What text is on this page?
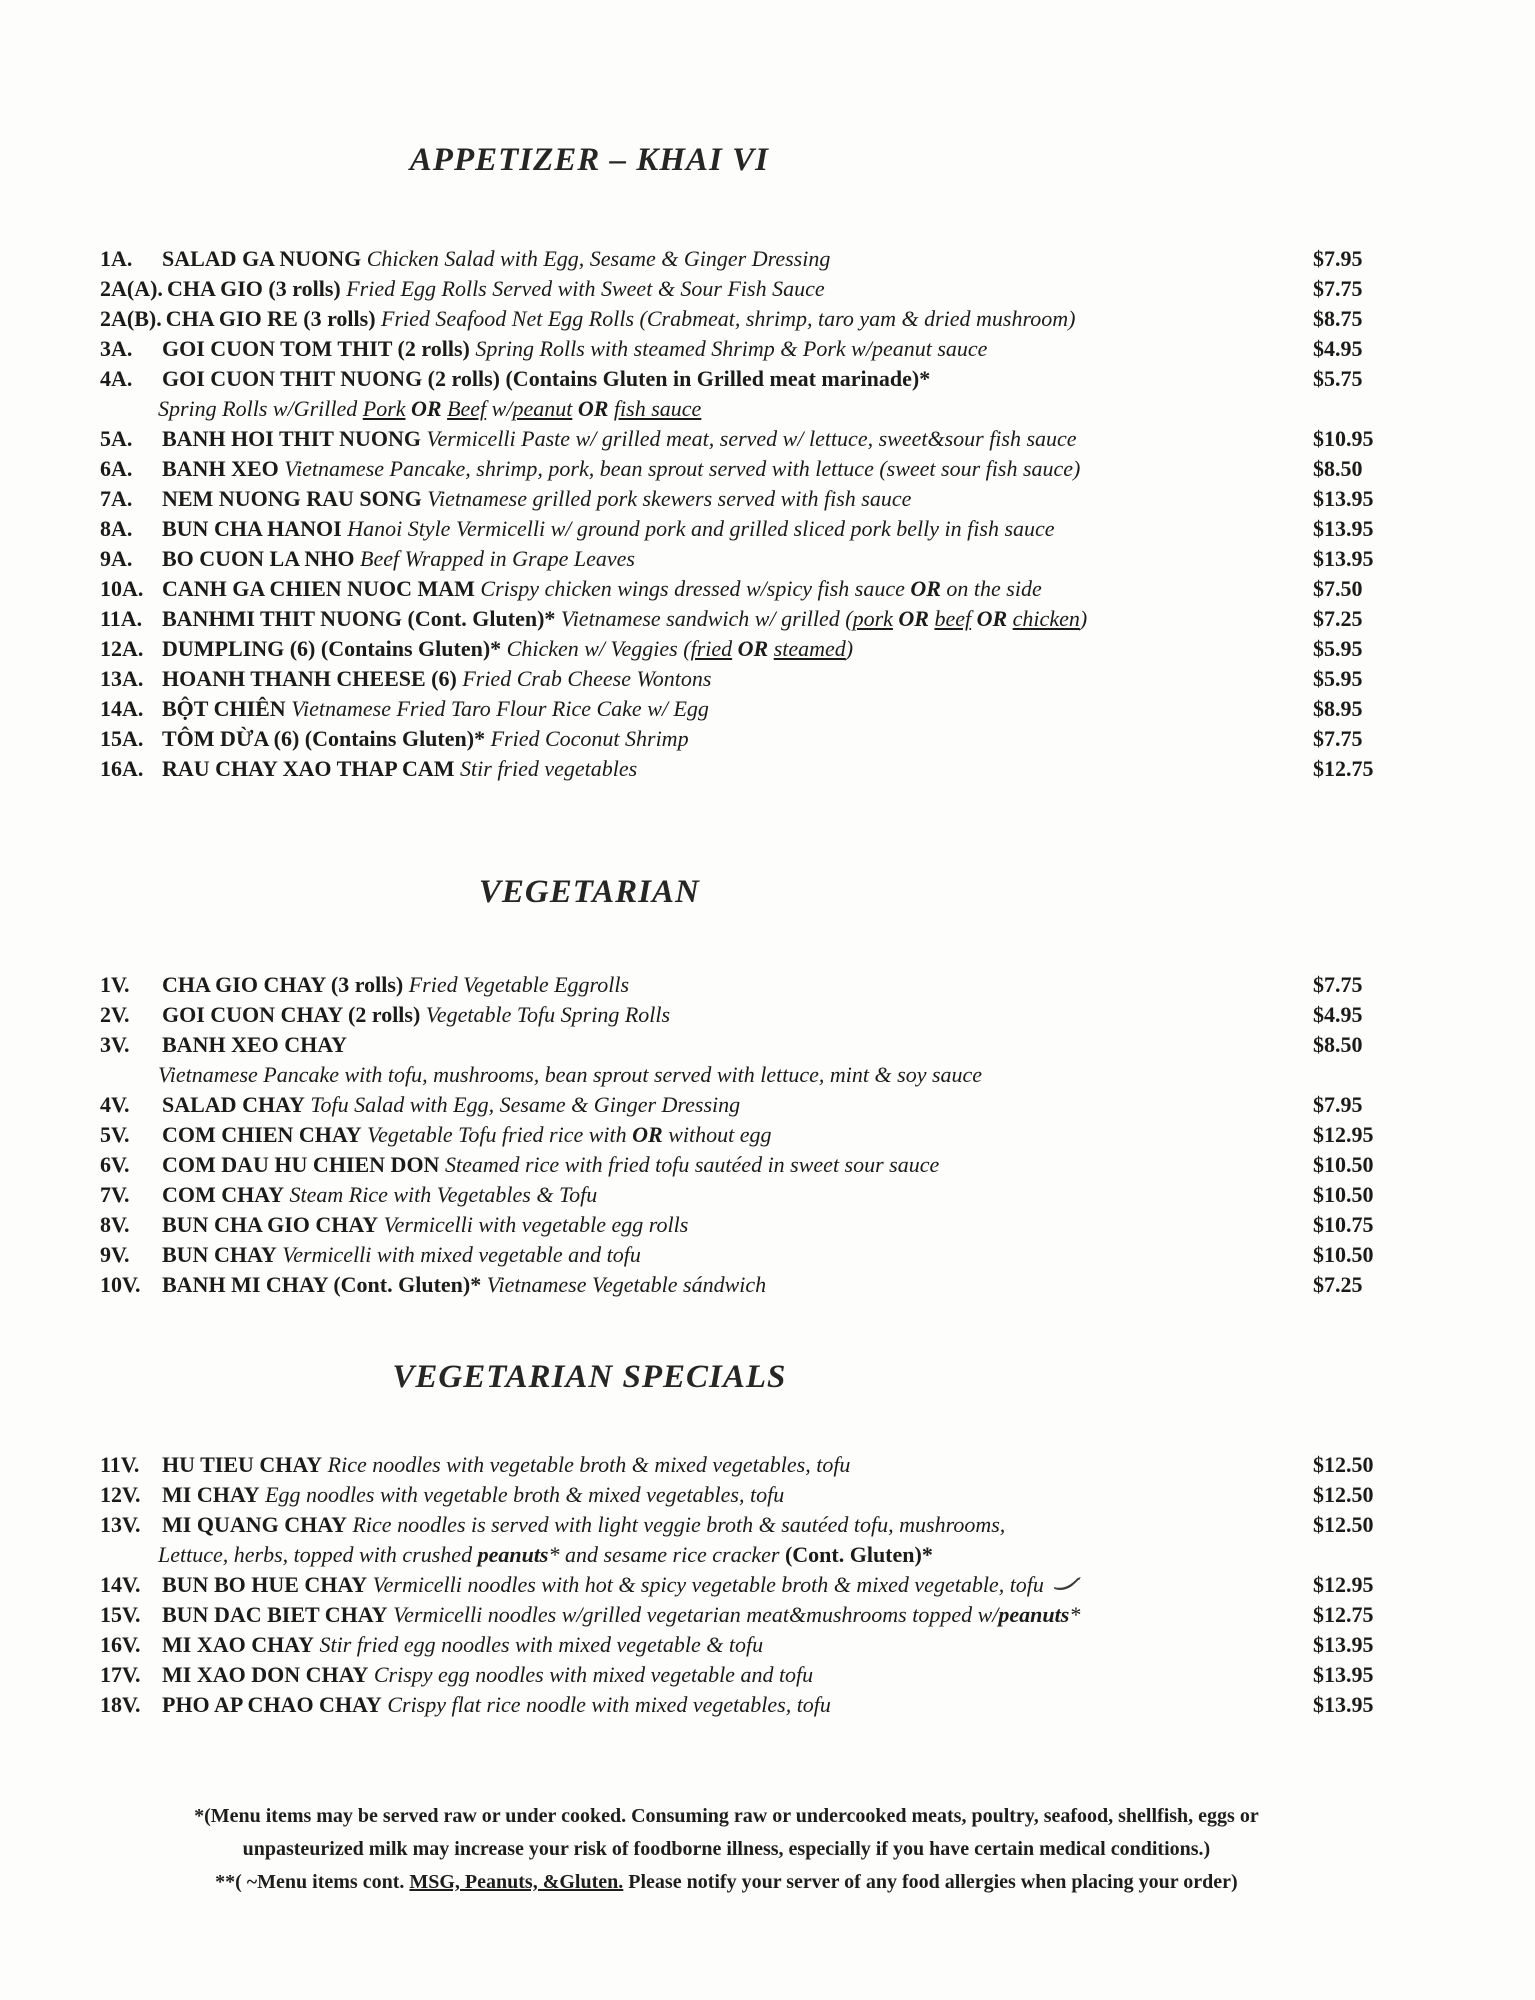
APPETIZER – KHAI VI
1A.	SALAD GA NUONG Chicken Salad with Egg, Sesame & Ginger Dressing	$7.95
2A(A). CHA GIO (3 rolls) Fried Egg Rolls Served with Sweet & Sour Fish Sauce	$7.75
2A(B). CHA GIO RE (3 rolls) Fried Seafood Net Egg Rolls (Crabmeat, shrimp, taro yam & dried mushroom)	$8.75
3A.	GOI CUON TOM THIT (2 rolls) Spring Rolls with steamed Shrimp & Pork w/peanut sauce	$4.95
4A.	GOI CUON THIT NUONG (2 rolls) (Contains Gluten in Grilled meat marinade)*	$5.75
Spring Rolls w/Grilled Pork OR Beef w/peanut OR fish sauce
5A.	BANH HOI THIT NUONG Vermicelli Paste w/ grilled meat, served w/ lettuce, sweet&sour fish sauce	$10.95
6A.	BANH XEO Vietnamese Pancake, shrimp, pork, bean sprout served with lettuce (sweet sour fish sauce)	$8.50
7A.	NEM NUONG RAU SONG Vietnamese grilled pork skewers served with fish sauce	$13.95
8A.	BUN CHA HANOI Hanoi Style Vermicelli w/ ground pork and grilled sliced pork belly in fish sauce	$13.95
9A.	BO CUON LA NHO Beef Wrapped in Grape Leaves	$13.95
10A. CANH GA CHIEN NUOC MAM Crispy chicken wings dressed w/spicy fish sauce OR on the side	$7.50
11A. BANHMI THIT NUONG (Cont. Gluten)* Vietnamese sandwich w/ grilled (pork OR beef OR chicken)	$7.25
12A. DUMPLING (6) (Contains Gluten)* Chicken w/ Veggies (fried OR steamed)	$5.95
13A. HOANH THANH CHEESE (6) Fried Crab Cheese Wontons	$5.95
14A. BỘT CHIÊN Vietnamese Fried Taro Flour Rice Cake w/ Egg	$8.95
15A. TÔM DỪA (6) (Contains Gluten)* Fried Coconut Shrimp	$7.75
16A. RAU CHAY XAO THAP CAM Stir fried vegetables	$12.75
VEGETARIAN
1V.	CHA GIO CHAY (3 rolls) Fried Vegetable Eggrolls	$7.75
2V.	GOI CUON CHAY (2 rolls) Vegetable Tofu Spring Rolls	$4.95
3V.	BANH XEO CHAY	$8.50
Vietnamese Pancake with tofu, mushrooms, bean sprout served with lettuce, mint & soy sauce
4V.	SALAD CHAY Tofu Salad with Egg, Sesame & Ginger Dressing	$7.95
5V.	COM CHIEN CHAY Vegetable Tofu fried rice with OR without egg	$12.95
6V.	COM DAU HU CHIEN DON Steamed rice with fried tofu sautéed in sweet sour sauce	$10.50
7V.	COM CHAY Steam Rice with Vegetables & Tofu	$10.50
8V.	BUN CHA GIO CHAY Vermicelli with vegetable egg rolls	$10.75
9V.	BUN CHAY Vermicelli with mixed vegetable and tofu	$10.50
10V. BANH MI CHAY (Cont. Gluten)* Vietnamese Vegetable sándwich	$7.25
VEGETARIAN SPECIALS
11V.	HU TIEU CHAY Rice noodles with vegetable broth & mixed vegetables, tofu	$12.50
12V. MI CHAY Egg noodles with vegetable broth & mixed vegetables, tofu	$12.50
13V. MI QUANG CHAY Rice noodles is served with light veggie broth & sautéed tofu, mushrooms,	$12.50
Lettuce, herbs, topped with crushed peanuts* and sesame rice cracker (Cont. Gluten)*
14V. BUN BO HUE CHAY Vermicelli noodles with hot & spicy vegetable broth & mixed vegetable, tofu	$12.95
15V. BUN DAC BIET CHAY Vermicelli noodles w/grilled vegetarian meat&mushrooms topped w/peanuts*	$12.75
16V. MI XAO CHAY Stir fried egg noodles with mixed vegetable & tofu	$13.95
17V. MI XAO DON CHAY Crispy egg noodles with mixed vegetable and tofu	$13.95
18V. PHO AP CHAO CHAY Crispy flat rice noodle with mixed vegetables, tofu	$13.95
*(Menu items may be served raw or under cooked. Consuming raw or undercooked meats, poultry, seafood, shellfish, eggs or
unpasteurized milk may increase your risk of foodborne illness, especially if you have certain medical conditions.)
**( ~Menu items cont. MSG, Peanuts, &Gluten. Please notify your server of any food allergies when placing your order)
